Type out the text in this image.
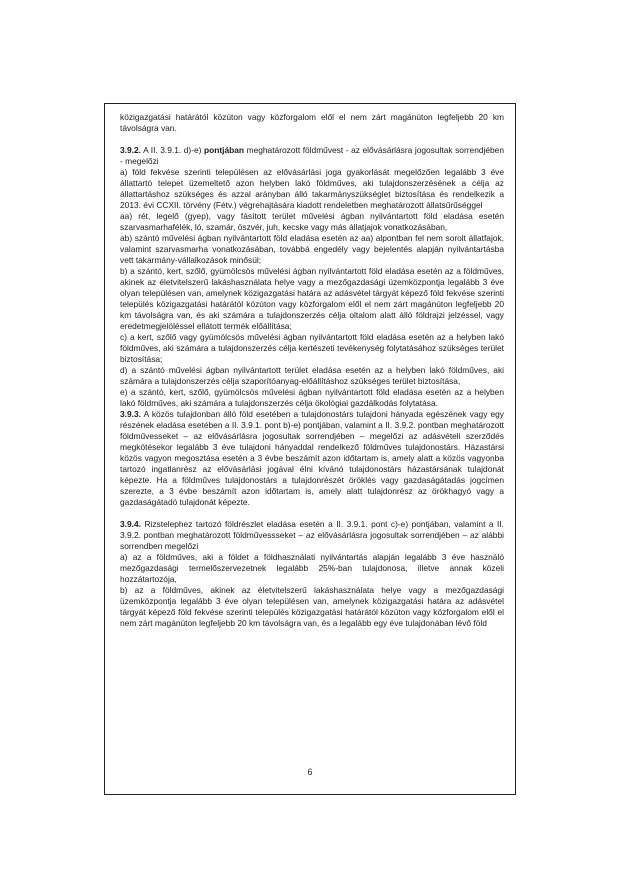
közigazgatási határától közúton vagy közforgalom elől el nem zárt magánúton legfeljebb 20 km távolságra van.

3.9.2. A II. 3.9.1. d)-e) pontjában meghatározott földművest - az elővásárlásra jogosultak sorrendjében - megelőzi

a) föld fekvése szerinti településen az elővásárlási joga gyakorlását megelőzően legalább 3 éve állattartó telepet üzemeltető azon helyben lakó földműves, aki tulajdonszerzésének a célja az állattartáshoz szükséges és azzal arányban álló takarmányszükséglet biztosítása és rendelkezik a 2013. évi CCXII. törvény (Fétv.) végrehajtására kiadott rendeletben meghatározott állatsűrűséggel

aa) rét, legelő (gyep), vagy fásított terület művelési ágban nyilvántartott föld eladása esetén szarvasmarhafélék, ló, szamár, öszvér, juh, kecske vagy más állatjajok vonatkozásában,

ab) szántó művelési ágban nyilvántartott föld eladása esetén az aa) alpontban fel nem sorolt állatfajok, valamint szarvasmarha vonatkozásában, továbbá engedély vagy bejelentés alapján nyilvántartásba vett takarmány-vállalkozások minősül;

b) a szántó, kert, szőlő, gyümölcsös művelési ágban nyilvántartott föld eladása esetén az a földműves, akinek az életvitelszerű lakáshasználata helye vagy a mezőgazdasági üzemközpontja legalább 3 éve olyan településen van, amelynek közigazgatási határa az adásvétel tárgyát képező föld fekvése szerinti település közigazgatási határától közúton vagy közforgalom elől el nem zárt magánúton legfeljebb 20 km távolságra van, és aki számára a tulajdonszerzés célja oltalom alatt álló földrajzi jelzéssel, vagy eredetmegjelöléssel ellátott termék előállítása;

c) a kert, szőlő vagy gyümölcsös művelési ágban nyilvántartott föld eladása esetén az a helyben lakó földműves, aki számára a tulajdonszerzés célja kertészeti tevékenység folytatásához szükséges terület biztosítása;

d) a szántó művelési ágban nyilvántartott terület eladása esetén az a helyben lakó földműves, aki számára a tulajdonszerzés célja szaporítóanyag-előállításhoz szükséges terület biztosítása,

e) a szántó, kert, szőlő, gyümölcsös művelési ágban nyilvántartott föld eladása esetén az a helyben lakó földműves, aki számára a tulajdonszerzés célja ökológiai gazdálkodás folytatása.

3.9.3. A közös tulajdonban álló föld esetében a tulajdonostárs tulajdoni hányada egészének vagy egy részének eladása esetében a II. 3.9.1. pont b)-e) pontjában, valamint a II. 3.9.2. pontban meghatározott földművesseket – az elővásárlásra jogosultak sorrendjében – megelőzi az adásvételi szerződés megkötésekor legalább 3 éve tulajdoni hányaddal rendelkező földműves tulajdonostárs. Házastársi közös vagyon megosztása esetén a 3 évbe beszámít azon időtartam is, amely alatt a közös vagyonba tartozó ingatlanrész az elővásárlási jogával élni kívánó tulajdonostárs házastársának tulajdonát képezte. Ha a földműves tulajdonostárs a tulajdonrészét öröklés vagy gazdaságátadás jogcímen szerezte, a 3 évbe beszámít azon időtartam is, amely alatt tulajdonrész az örökhagyó vagy a gazdaságátadó tulajdonát képezte.

3.9.4. Rizstelephez tartozó földrészlet eladása esetén a II. 3.9.1. pont c)-e) pontjában, valamint a II. 3.9.2. pontban meghatározott földművessseket – az elővásárlásra jogosultak sorrendjében – az alábbi sorrendben megelőzi

a) az a földműves, aki a földet a földhasználati nyilvántartás alapján legalább 3 éve használó mezőgazdasági termelőszervezetnek legalább 25%-ban tulajdonosa, illetve annak közeli hozzátartozója,

b) az a földműves, akinek az életvitelszerű lakáshasználata helye vagy a mezőgazdasági üzemközpontja legalább 3 éve olyan településen van, amelynek közigazgatási határa az adásvétel tárgyát képező föld fekvése szerinti település közigazgatási határától közúton vagy közforgalom elől el nem zárt magánúton legfeljebb 20 km távolságra van, és a legalább egy éve tulajdonában lévő föld

6
